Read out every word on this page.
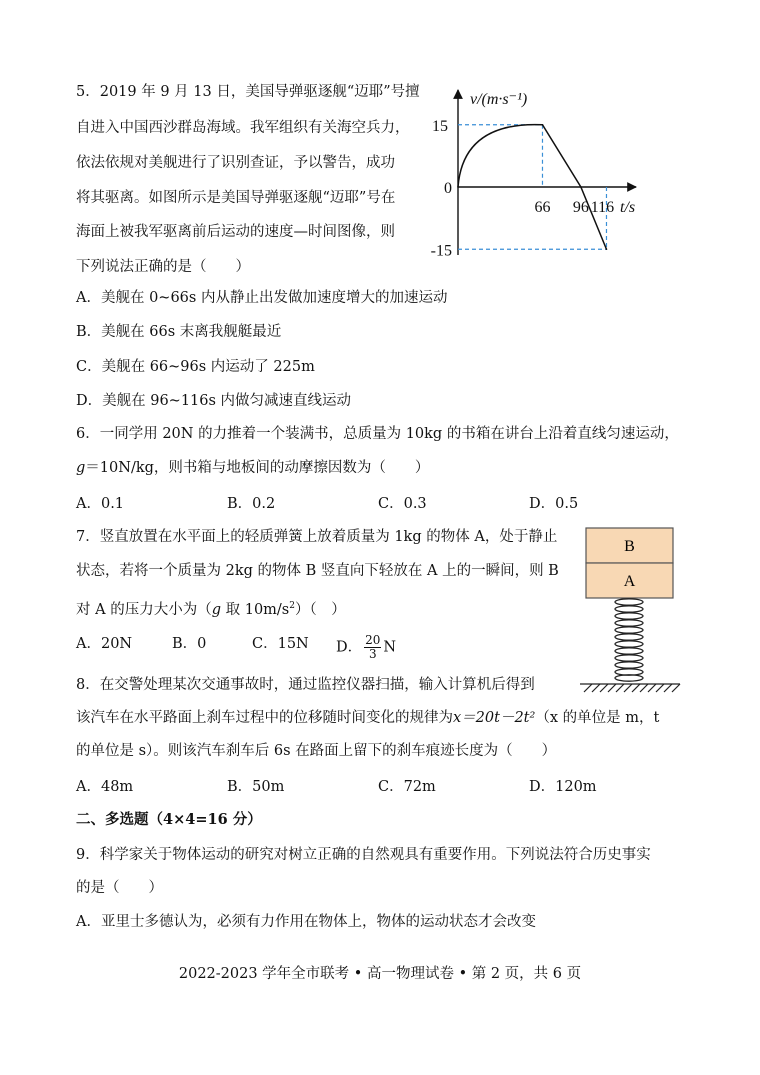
5．2019 年 9 月 13 日，美国导弹驱逐舰“迈耶”号擅
自进入中国西沙群岛海域。我军组织有关海空兵力，
依法依规对美舰进行了识别查证，予以警告，成功
将其驱离。如图所示是美国导弹驱逐舰“迈耶”号在
海面上被我军驱离前后运动的速度—时间图像，则
下列说法正确的是（　　）
66 96 116
15
0
-15
v/(m·s⁻¹)
t/s
A．美舰在 0~66s 内从静止出发做加速度增大的加速运动
B．美舰在 66s 末离我舰艇最近
C．美舰在 66~96s 内运动了 225m
D．美舰在 96~116s 内做匀减速直线运动
6．一同学用 20N 的力推着一个装满书，总质量为 10kg 的书箱在讲台上沿着直线匀速运动，
g＝10N/kg，则书箱与地板间的动摩擦因数为（　　）
A．0.1	B．0.2	C．0.3	D．0.5
7．竖直放置在水平面上的轻质弹簧上放着质量为 1kg 的物体 A，处于静止
状态，若将一个质量为 2kg 的物体 B 竖直向下轻放在 A 上的一瞬间，则 B
对 A 的压力大小为（g 取 $10m/s^2$）（　）
A．20N	B．0	C．15N D． $\frac{20}{3}$ N
B
A
8．在交警处理某次交通事故时，通过监控仪器扫描，输入计算机后得到
该汽车在水平路面上刹车过程中的位移随时间变化的规律为x＝20t－2t²（x 的单位是 m，t
的单位是 s）。则该汽车刹车后 6s 在路面上留下的刹车痕迹长度为（　　）
A．48m	B．50m	C．72m	D．120m
二、多选题（4×4=16 分）
9．科学家关于物体运动的研究对树立正确的自然观具有重要作用。下列说法符合历史事实
的是（　　）
A．亚里士多德认为，必须有力作用在物体上，物体的运动状态才会改变
2022-2023 学年全市联考 • 高一物理试卷 • 第 2 页，共 6 页
